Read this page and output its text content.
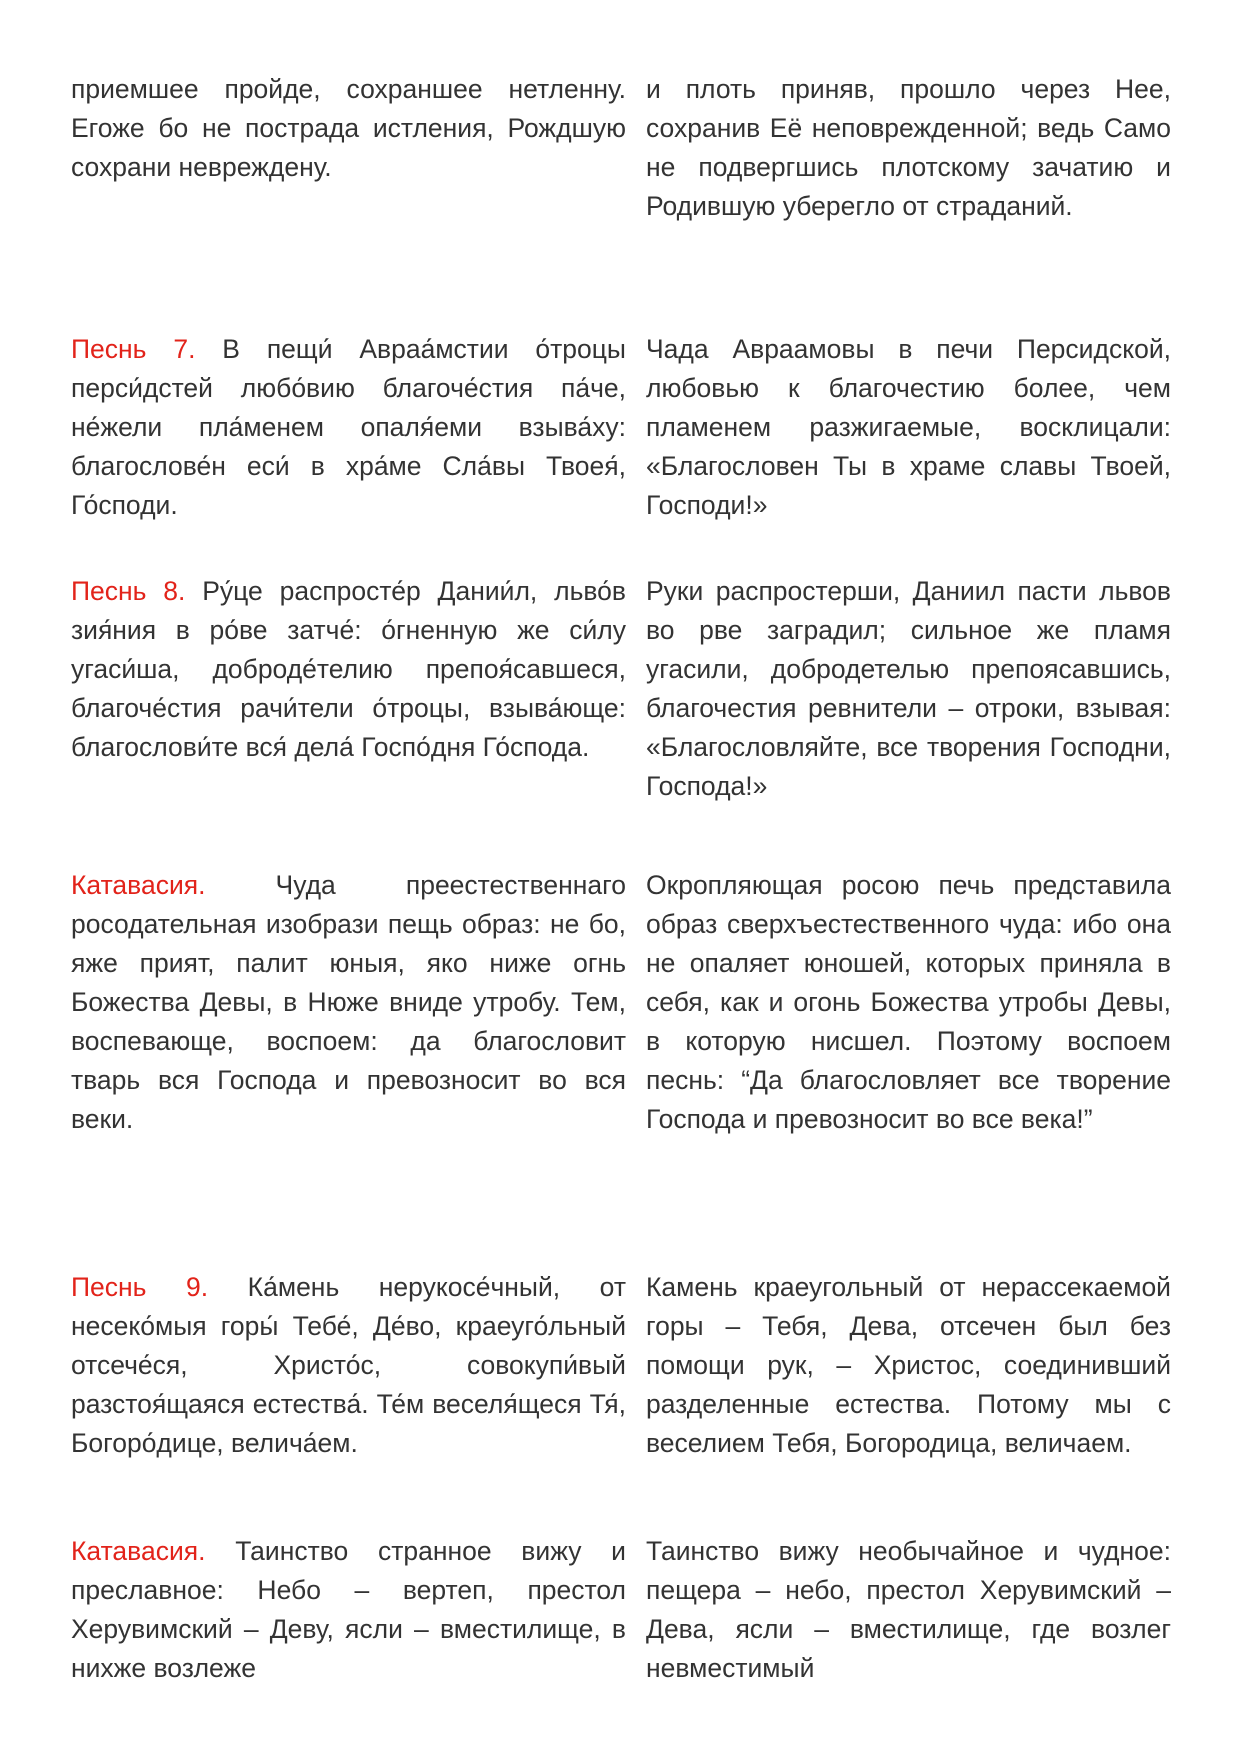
приемшее пройде, сохраншее нетленну. Егоже бо не пострада истления, Рождшую сохрани невреждену.
и плоть приняв, прошло через Нее, сохранив Её неповрежденной; ведь Само не подвергшись плотскому зачатию и Родившую уберегло от страданий.
Песнь 7. В пещи́ Авраа́мстии о́троцы перси́дстей любо́вию благоче́стия па́че, не́жели пла́менем опаля́еми взыва́ху: благослове́н еси́ в хра́ме Сла́вы Твоея́, Го́споди.
Чада Авраамовы в печи Персидской, любовью к благочестию более, чем пламенем разжигаемые, восклицали: «Благословен Ты в храме славы Твоей, Господи!»
Песнь 8. Ру́це распросте́р Дании́л, льво́в зия́ния в ро́ве затче́: о́гненную же си́лу угаси́ша, доброде́телию препоя́савшеся, благоче́стия рачи́тели о́троцы, взыва́юще: благослови́те вся́ дела́ Госпо́дня Го́спода.
Руки распростерши, Даниил пасти львов во рве заградил; сильное же пламя угасили, добродетелью препоясавшись, благочестия ревнители – отроки, взывая: «Благословляйте, все творения Господни, Господа!»
Катавасия.	Чуда преестественнаго росодательная изобрази пещь образ: не бо, яже прият, палит юныя, яко ниже огнь Божества Девы, в Нюже вниде утробу. Тем, воспевающе, воспоем: да благословит тварь вся Господа и превозносит во вся веки.
Окропляющая росою печь представила образ сверхъестественного чуда: ибо она не опаляет юношей, которых приняла в себя, как и огонь Божества утробы Девы, в которую нисшел. Поэтому воспоем песнь: “Да благословляет все творение Господа и превозносит во все века!”
Песнь 9. Ка́мень нерукосе́чный, от несеко́мыя горы́ Тебе́, Де́во, краеуго́льный отсече́ся, Христо́с, совокупи́вый разстоя́щаяся естества́. Те́м веселя́щеся Тя́, Богоро́дице, велича́ем.
Камень краеугольный от нерассекаемой горы – Тебя, Дева, отсечен был без помощи рук, – Христос, соединивший разделенные естества. Потому мы с веселием Тебя, Богородица, величаем.
Катавасия. Таинство странное вижу и преславное: Небо – вертеп, престол Херувимский – Деву, ясли – вместилище, в нихже возлеже
Таинство вижу необычайное и чудное: пещера – небо, престол Херувимский – Дева, ясли – вместилище, где возлег невместимый
